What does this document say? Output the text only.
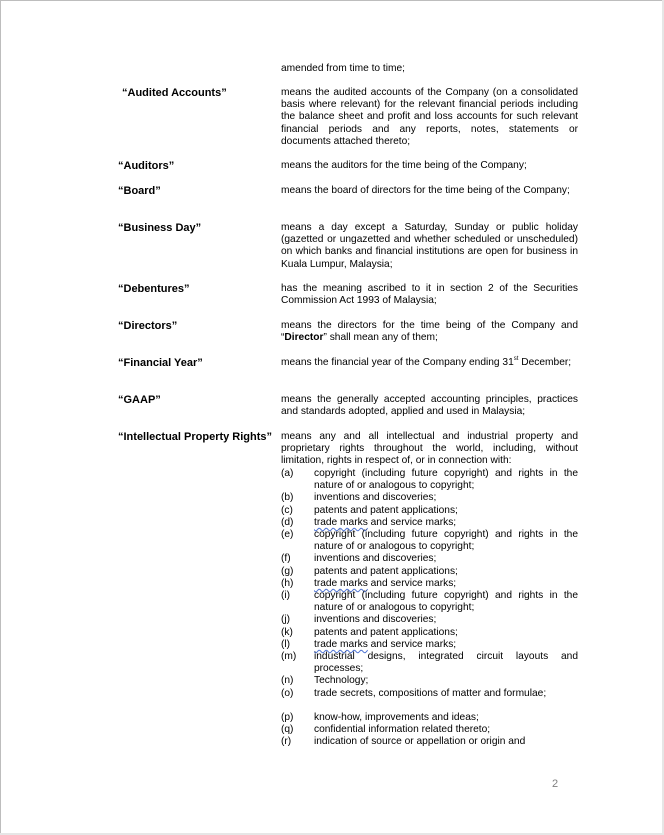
amended from time to time;
“Audited Accounts”	means the audited accounts of the Company (on a consolidated basis where relevant) for the relevant financial periods including the balance sheet and profit and loss accounts for such relevant financial periods and any reports, notes, statements or documents attached thereto;
“Auditors”	means the auditors for the time being of the Company;
“Board”	means the board of directors for the time being of the Company;
“Business Day”	means a day except a Saturday, Sunday or public holiday (gazetted or ungazetted and whether scheduled or unscheduled) on which banks and financial institutions are open for business in Kuala Lumpur, Malaysia;
“Debentures”	has the meaning ascribed to it in section 2 of the Securities Commission Act 1993 of Malaysia;
“Directors”	means the directors for the time being of the Company and “Director” shall mean any of them;
“Financial Year”	means the financial year of the Company ending 31st December;
“GAAP”	means the generally accepted accounting principles, practices and standards adopted, applied and used in Malaysia;
“Intellectual Property Rights” means any and all intellectual and industrial property and proprietary rights throughout the world, including, without limitation, rights in respect of, or in connection with:
(a)	copyright (including future copyright) and rights in the nature of or analogous to copyright;
(b)	inventions and discoveries;
(c)	patents and patent applications;
(d)	trade marks and service marks;
(e)	copyright (including future copyright) and rights in the nature of or analogous to copyright;
(f)	inventions and discoveries;
(g)	patents and patent applications;
(h)	trade marks and service marks;
(i)	copyright (including future copyright) and rights in the nature of or analogous to copyright;
(j)	inventions and discoveries;
(k)	patents and patent applications;
(l)	trade marks and service marks;
(m)	industrial designs, integrated circuit layouts and processes;
(n)	Technology;
(o)	trade secrets, compositions of matter and formulae;
(p)	know-how, improvements and ideas;
(q)	confidential information related thereto;
(r)	indication of source or appellation or origin and
2
